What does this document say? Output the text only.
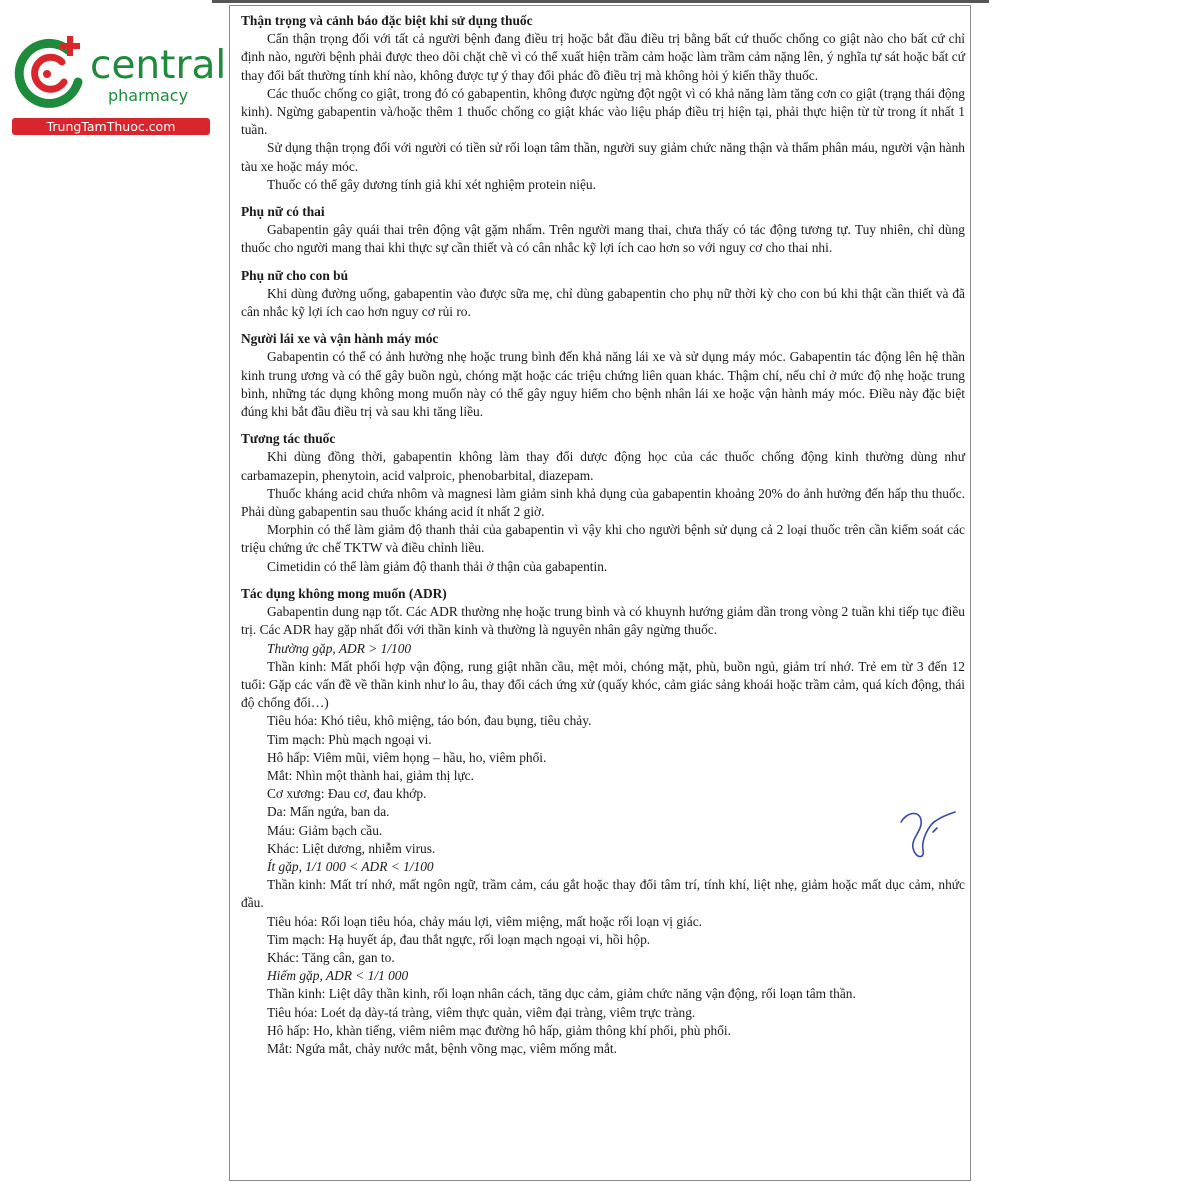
central
pharmacy
TrungTamThuoc.com

Thận trọng và cảnh báo đặc biệt khi sử dụng thuốc

Cẩn thận trọng đối với tất cả người bệnh đang điều trị hoặc bắt đầu điều trị bằng bất cứ thuốc chống co giật nào cho bất cứ chỉ định nào, người bệnh phải được theo dõi chặt chẽ vì có thể xuất hiện trầm cảm hoặc làm trầm cảm nặng lên, ý nghĩa tự sát hoặc bất cứ thay đổi bất thường tính khí nào, không được tự ý thay đổi phác đồ điều trị mà không hỏi ý kiến thầy thuốc.

Các thuốc chống co giật, trong đó có gabapentin, không được ngừng đột ngột vì có khả năng làm tăng cơn co giật (trạng thái động kinh). Ngừng gabapentin và/hoặc thêm 1 thuốc chống co giật khác vào liệu pháp điều trị hiện tại, phải thực hiện từ từ trong ít nhất 1 tuần.

Sử dụng thận trọng đối với người có tiền sử rối loạn tâm thần, người suy giảm chức năng thận và thẩm phân máu, người vận hành tàu xe hoặc máy móc.

Thuốc có thể gây dương tính giả khi xét nghiệm protein niệu.

Phụ nữ có thai

Gabapentin gây quái thai trên động vật gặm nhấm. Trên người mang thai, chưa thấy có tác động tương tự. Tuy nhiên, chỉ dùng thuốc cho người mang thai khi thực sự cần thiết và có cân nhắc kỹ lợi ích cao hơn so với nguy cơ cho thai nhi.

Phụ nữ cho con bú

Khi dùng đường uống, gabapentin vào được sữa mẹ, chỉ dùng gabapentin cho phụ nữ thời kỳ cho con bú khi thật cần thiết và đã cân nhắc kỹ lợi ích cao hơn nguy cơ rủi ro.

Người lái xe và vận hành máy móc

Gabapentin có thể có ảnh hưởng nhẹ hoặc trung bình đến khả năng lái xe và sử dụng máy móc. Gabapentin tác động lên hệ thần kinh trung ương và có thể gây buồn ngủ, chóng mặt hoặc các triệu chứng liên quan khác. Thậm chí, nếu chỉ ở mức độ nhẹ hoặc trung bình, những tác dụng không mong muốn này có thể gây nguy hiểm cho bệnh nhân lái xe hoặc vận hành máy móc. Điều này đặc biệt đúng khi bắt đầu điều trị và sau khi tăng liều.

Tương tác thuốc

Khi dùng đồng thời, gabapentin không làm thay đổi dược động học của các thuốc chống động kinh thường dùng như carbamazepin, phenytoin, acid valproic, phenobarbital, diazepam.

Thuốc kháng acid chứa nhôm và magnesi làm giảm sinh khả dụng của gabapentin khoảng 20% do ảnh hưởng đến hấp thu thuốc. Phải dùng gabapentin sau thuốc kháng acid ít nhất 2 giờ.

Morphin có thể làm giảm độ thanh thải của gabapentin vì vậy khi cho người bệnh sử dụng cả 2 loại thuốc trên cần kiểm soát các triệu chứng ức chế TKTW và điều chỉnh liều.

Cimetidin có thể làm giảm độ thanh thải ở thận của gabapentin.

Tác dụng không mong muốn (ADR)

Gabapentin dung nạp tốt. Các ADR thường nhẹ hoặc trung bình và có khuynh hướng giảm dần trong vòng 2 tuần khi tiếp tục điều trị. Các ADR hay gặp nhất đối với thần kinh và thường là nguyên nhân gây ngừng thuốc.

Thường gặp, ADR > 1/100

Thần kinh: Mất phối hợp vận động, rung giật nhãn cầu, mệt mỏi, chóng mặt, phù, buồn ngủ, giảm trí nhớ. Trẻ em từ 3 đến 12 tuổi: Gặp các vấn đề về thần kinh như lo âu, thay đổi cách ứng xử (quấy khóc, cảm giác sảng khoái hoặc trầm cảm, quá kích động, thái độ chống đối…)

Tiêu hóa: Khó tiêu, khô miệng, táo bón, đau bụng, tiêu chảy.

Tim mạch: Phù mạch ngoại vi.

Hô hấp: Viêm mũi, viêm họng – hầu, ho, viêm phổi.

Mắt: Nhìn một thành hai, giảm thị lực.

Cơ xương: Đau cơ, đau khớp.

Da: Mẩn ngứa, ban da.

Máu: Giảm bạch cầu.

Khác: Liệt dương, nhiễm virus.

Ít gặp, 1/1 000 < ADR < 1/100

Thần kinh: Mất trí nhớ, mất ngôn ngữ, trầm cảm, cáu gắt hoặc thay đổi tâm trí, tính khí, liệt nhẹ, giảm hoặc mất dục cảm, nhức đầu.

Tiêu hóa: Rối loạn tiêu hóa, chảy máu lợi, viêm miệng, mất hoặc rối loạn vị giác.

Tim mạch: Hạ huyết áp, đau thắt ngực, rối loạn mạch ngoại vi, hồi hộp.

Khác: Tăng cân, gan to.

Hiếm gặp, ADR < 1/1 000

Thần kinh: Liệt dây thần kinh, rối loạn nhân cách, tăng dục cảm, giảm chức năng vận động, rối loạn tâm thần.

Tiêu hóa: Loét dạ dày-tá tràng, viêm thực quản, viêm đại tràng, viêm trực tràng.

Hô hấp: Ho, khàn tiếng, viêm niêm mạc đường hô hấp, giảm thông khí phổi, phù phổi.

Mắt: Ngứa mắt, chảy nước mắt, bệnh võng mạc, viêm mống mắt.
